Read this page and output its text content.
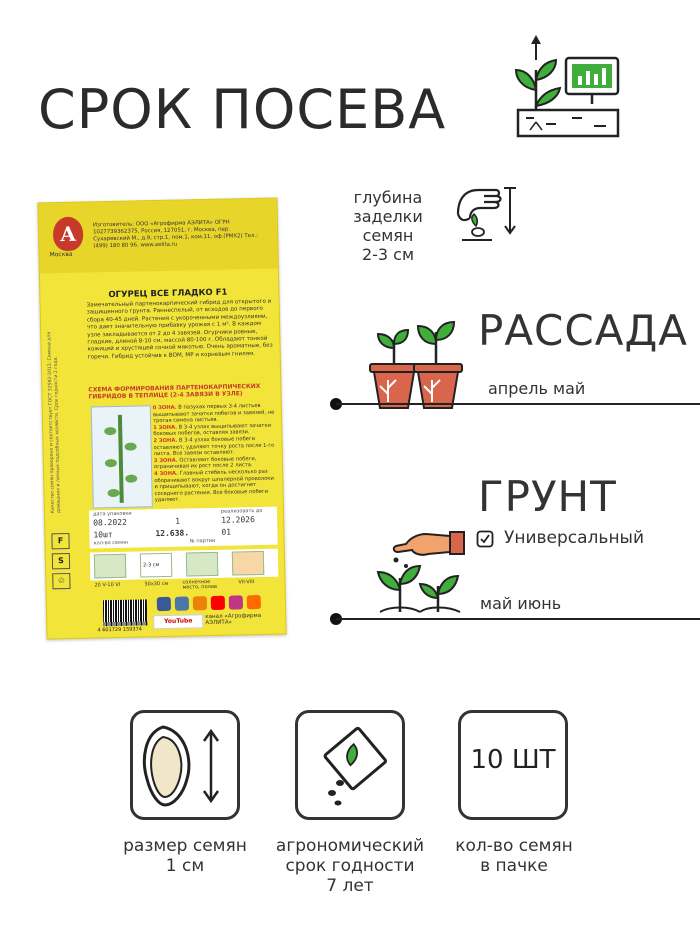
СРОК ПОСЕВА
А
Москва
Изготовитель: ООО «Агрофирма АЭЛИТА» ОГРН 1027739362375, Россия, 127051, г. Москва, пер. Сухаревский М., д.9, стр.1, пом.1, ком.11, оф.(РМХ2) Тел.: (499) 180 80 96. www.aelita.ru
ОГУРЕЦ ВСЕ ГЛАДКО F1
Замечательный партенокарпический гибрид для открытого и защищенного грунта. Раннеспелый, от всходов до первого сбора 40-45 дней. Растения с укороченными междоузлиями, что дает значительную прибавку урожая с 1 м². В каждом узле закладывается от 2 до 4 завязей. Огурчики ровные, гладкие, длиной 8-10 см, массой 80-100 г. Обладают тонкой кожицей и хрустящей сочной мякотью. Очень ароматные, без горечи. Гибрид устойчив к ВОМ, МР и корневым гнилям.
СХЕМА ФОРМИРОВАНИЯ ПАРТЕНОКАРПИЧЕСКИХ ГИБРИДОВ В ТЕПЛИЦЕ (2-4 ЗАВЯЗИ В УЗЛЕ)
0 ЗОНА. В пазухах первых 3-4 листьев выщипывают зачатки побегов и завязей, не трогая семена листьев.
1 ЗОНА. В 3-4 узлах выщипывают зачатки боковых побегов, оставляя завязи.
2 ЗОНА. В 3-4 узлах боковые побеги оставляют, удаляют точку роста после 1-го листа. Все завязи оставляют.
3 ЗОНА. Оставляют боковые побеги, ограничивая их рост после 2 листа.
4 ЗОНА. Главный стебель несколько раз оборачивают вокруг шпалерной проволоки и прищипывают, когда он достигнет соседнего растения. Все боковые побеги удаляют.
Качество семян проверено и соответствует ГОСТ 32592-2013. Семена для домашних и личных подсобных хозяйств. Срок годности 2 года.
дата упаковки	реализовать до
08.2022	1	12.2026
10шт	12.638.	01
кол-во семян	№ партии
2-3 см
20 V-10 VI	50x30 см	солнечное место, полив
VII-VIII
F
S
♲
4 601729 159374
YouTube
канал «Агрофирма АЭЛИТА»
глубина
заделки
семян
2-3 см
РАССАДА
апрель май
ГРУНТ
Универсальный
май июнь
размер семян
1 см
агрономический
срок годности
7 лет
10 ШТ
кол-во семян
в пачке
